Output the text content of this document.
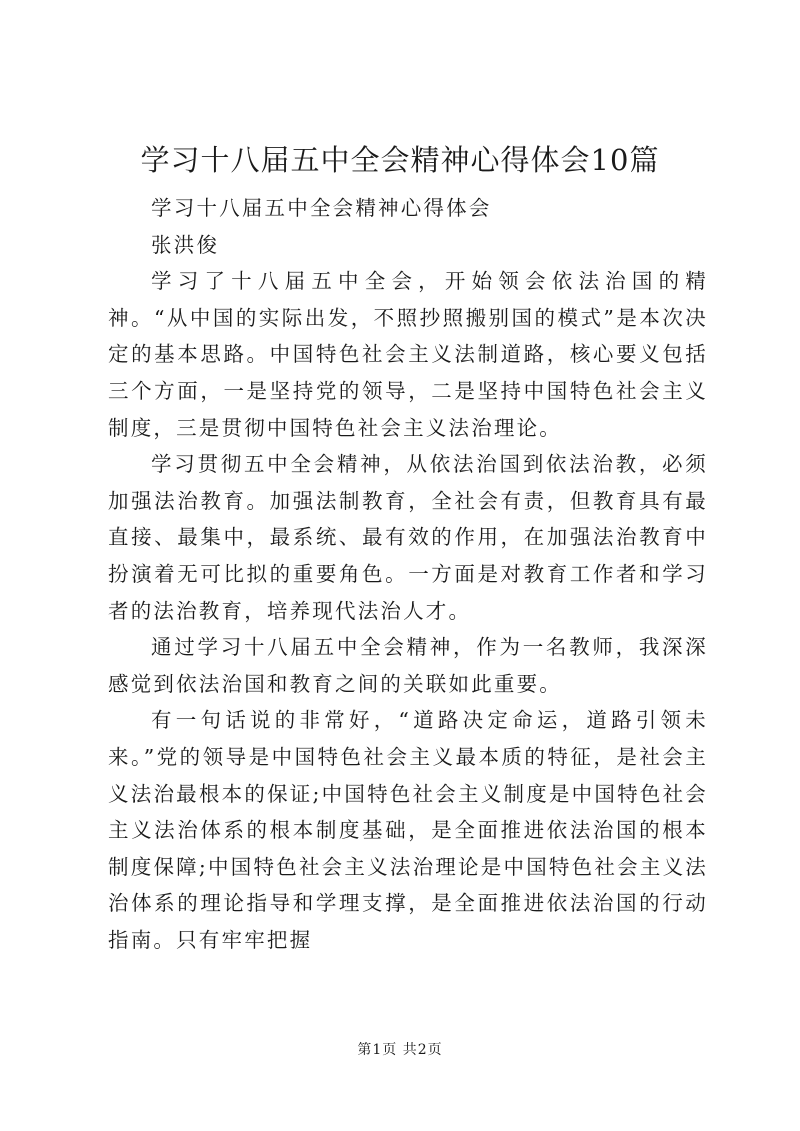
学习十八届五中全会精神心得体会10篇

学习十八届五中全会精神心得体会

张洪俊

学习了十八届五中全会，开始领会依法治国的精神。“从中国的实际出发，不照抄照搬别国的模式”是本次决定的基本思路。中国特色社会主义法制道路，核心要义包括三个方面，一是坚持党的领导，二是坚持中国特色社会主义制度，三是贯彻中国特色社会主义法治理论。

学习贯彻五中全会精神，从依法治国到依法治教，必须加强法治教育。加强法制教育，全社会有责，但教育具有最直接、最集中，最系统、最有效的作用，在加强法治教育中扮演着无可比拟的重要角色。一方面是对教育工作者和学习者的法治教育，培养现代法治人才。

通过学习十八届五中全会精神，作为一名教师，我深深感觉到依法治国和教育之间的关联如此重要。

有一句话说的非常好，“道路决定命运，道路引领未来。”党的领导是中国特色社会主义最本质的特征，是社会主义法治最根本的保证;中国特色社会主义制度是中国特色社会主义法治体系的根本制度基础，是全面推进依法治国的根本制度保障;中国特色社会主义法治理论是中国特色社会主义法治体系的理论指导和学理支撑，是全面推进依法治国的行动指南。只有牢牢把握

第1页 共2页
